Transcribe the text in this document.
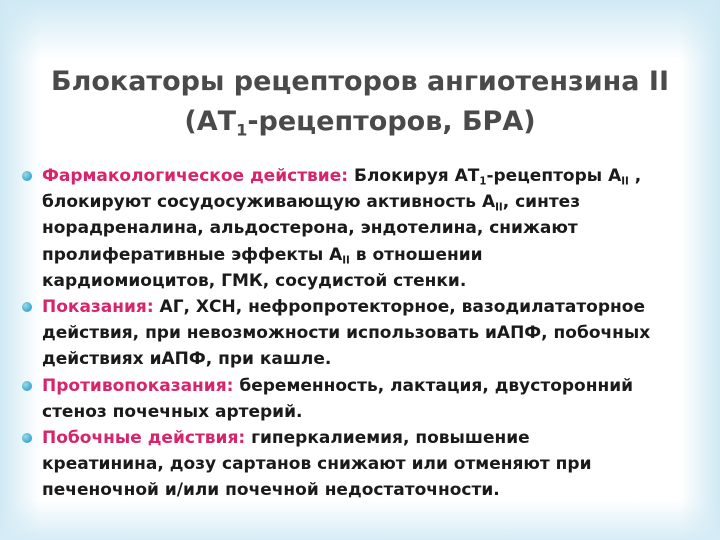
Блокаторы рецепторов ангиотензина II
($АТ_1$-рецепторов, БРА)
Фармакологическое действие: Блокируя $АТ_1$-рецепторы $А_{II}$ ,
блокируют сосудосуживающую активность $А_{II}$, синтез
норадреналина, альдостерона, эндотелина, снижают
пролиферативные эффекты $А_{II}$ в отношении
кардиомиоцитов, ГМК, сосудистой стенки.
Показания: АГ, ХСН, нефропротекторное, вазодилататорное
действия, при невозможности использовать иАПФ, побочных
действиях иАПФ, при кашле.
Противопоказания: беременность, лактация, двусторонний
стеноз почечных артерий.
Побочные действия: гиперкалиемия, повышение
креатинина, дозу сартанов снижают или отменяют при
печеночной и/или почечной недостаточности.
